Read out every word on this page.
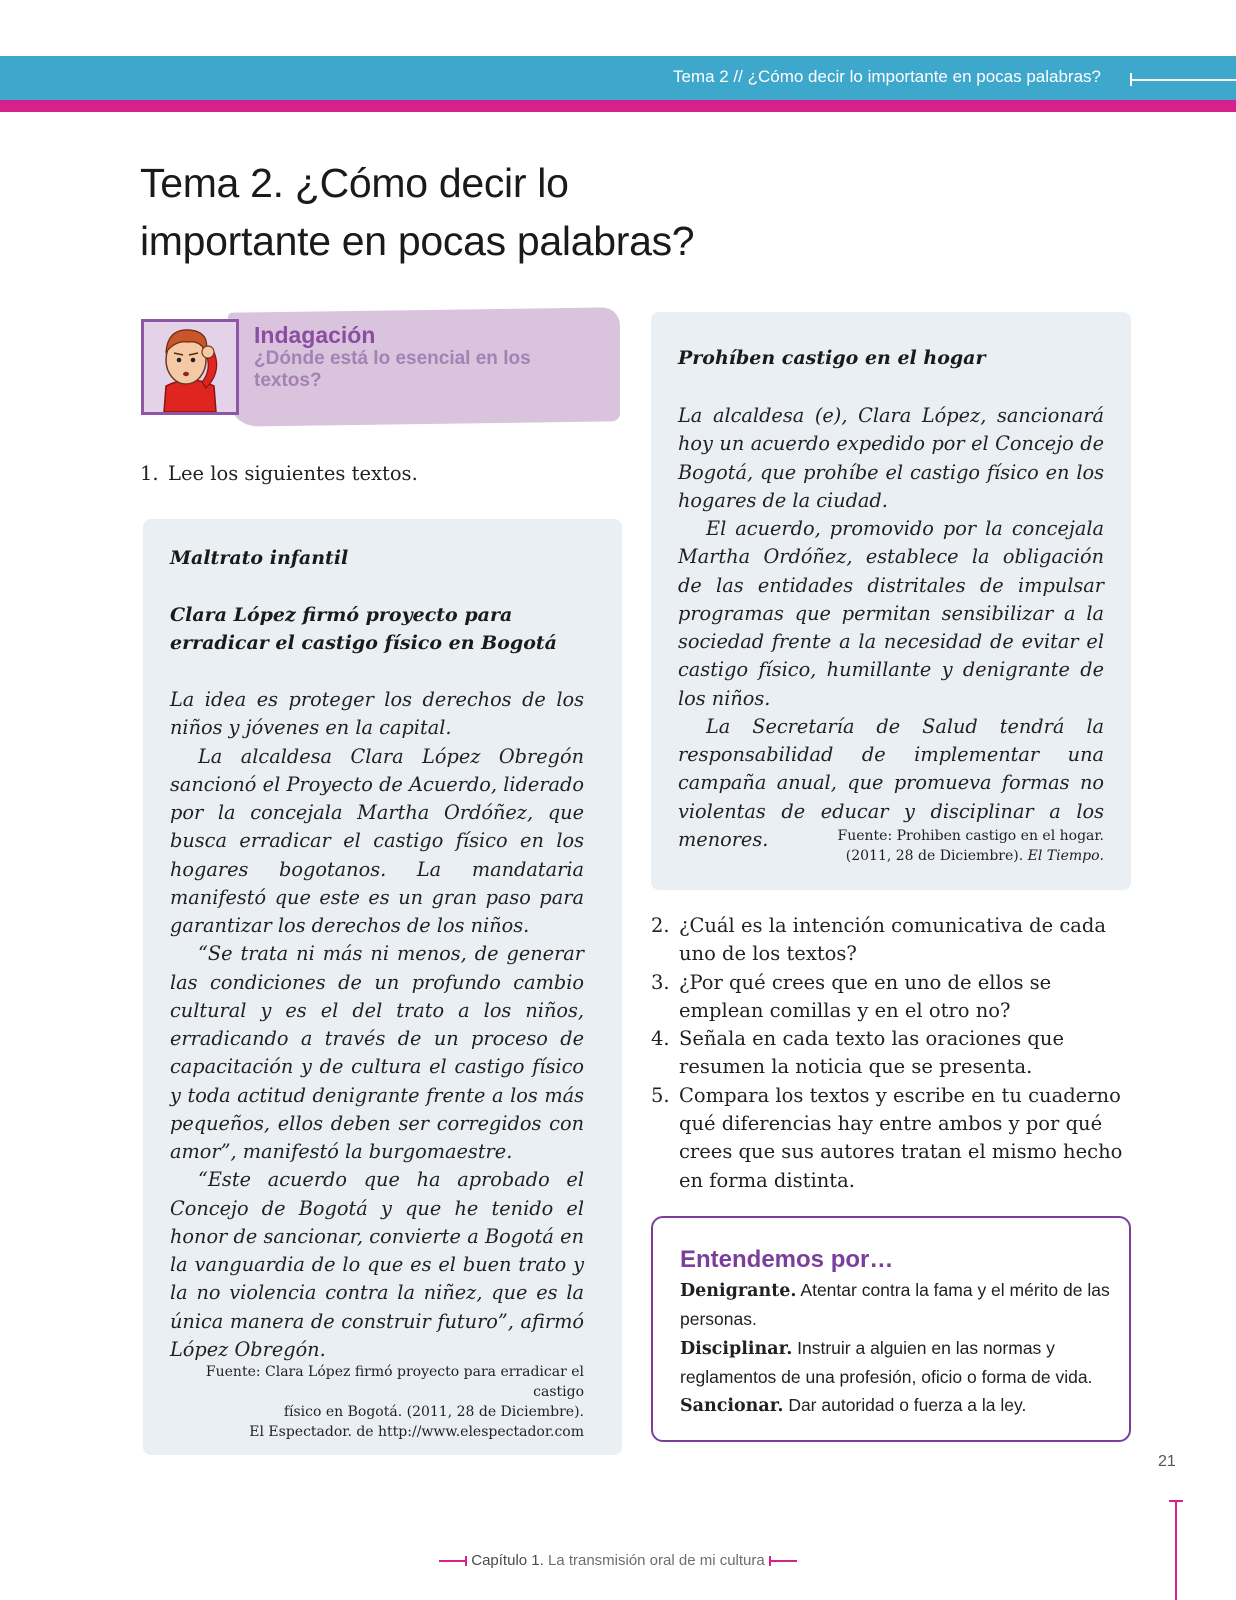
Tema 2 // ¿Cómo decir lo importante en pocas palabras?
Tema 2. ¿Cómo decir lo
importante en pocas palabras?
Indagación
¿Dónde está lo esencial en los textos?
1. Lee los siguientes textos.
Maltrato infantil
Clara López firmó proyecto para
erradicar el castigo físico en Bogotá

La idea es proteger los derechos de los niños y jóvenes en la capital.

La alcaldesa Clara López Obregón sancionó el Proyecto de Acuerdo, liderado por la concejala Martha Ordóñez, que busca erradicar el castigo físico en los hogares bogotanos. La mandataria manifestó que este es un gran paso para garantizar los derechos de los niños.

“Se trata ni más ni menos, de generar las condiciones de un profundo cambio cultural y es el del trato a los niños, erradicando a través de un proceso de capacitación y de cultura el castigo físico y toda actitud denigrante frente a los más pequeños, ellos deben ser corregidos con amor”, manifestó la burgomaestre.

“Este acuerdo que ha aprobado el Concejo de Bogotá y que he tenido el honor de sancionar, convierte a Bogotá en la vanguardia de lo que es el buen trato y la no violencia contra la niñez, que es la única manera de construir futuro”, afirmó López Obregón.

Fuente: Clara López firmó proyecto para erradicar el castigo
físico en Bogotá. (2011, 28 de Diciembre).
El Espectador. de http://www.elespectador.com
Prohíben castigo en el hogar

La alcaldesa (e), Clara López, sancionará hoy un acuerdo expedido por el Concejo de Bogotá, que prohíbe el castigo físico en los hogares de la ciudad.

El acuerdo, promovido por la concejala Martha Ordóñez, establece la obligación de las entidades distritales de impulsar programas que permitan sensibilizar a la sociedad frente a la necesidad de evitar el castigo físico, humillante y denigrante de los niños.

La Secretaría de Salud tendrá la responsabilidad de implementar una campaña anual, que promueva formas no violentas de educar y disciplinar a los menores.	Fuente: Prohiben castigo en el hogar.
(2011, 28 de Diciembre). El Tiempo.
2. ¿Cuál es la intención comunicativa de cada uno de los textos?
3. ¿Por qué crees que en uno de ellos se emplean comillas y en el otro no?
4. Señala en cada texto las oraciones que resumen la noticia que se presenta.
5. Compara los textos y escribe en tu cuaderno qué diferencias hay entre ambos y por qué crees que sus autores tratan el mismo hecho en forma distinta.
Entendemos por…
Denigrante. Atentar contra la fama y el mérito de las personas.
Disciplinar. Instruir a alguien en las normas y reglamentos de una profesión, oficio o forma de vida.
Sancionar. Dar autoridad o fuerza a la ley.
21
Capítulo 1. La transmisión oral de mi cultura
